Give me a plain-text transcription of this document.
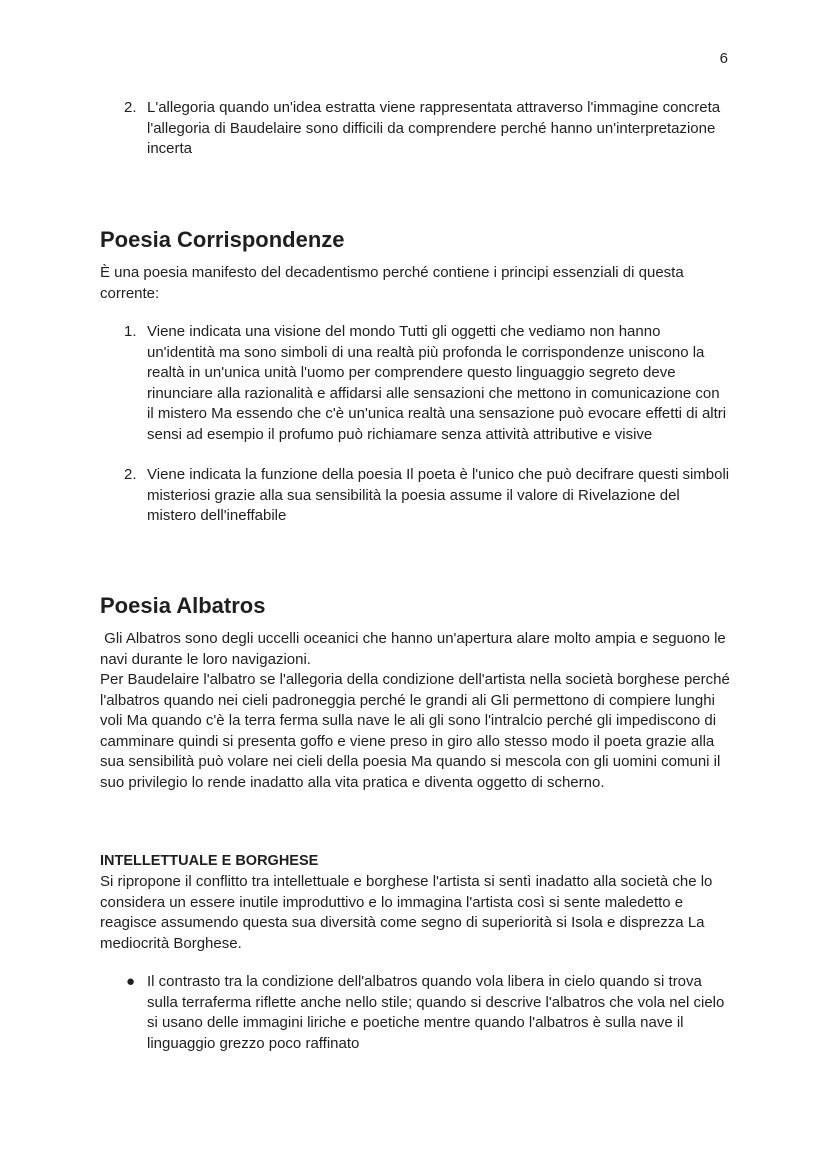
6
2. L'allegoria quando un'idea estratta viene rappresentata attraverso l'immagine concreta l'allegoria di Baudelaire sono difficili da comprendere perché hanno un'interpretazione incerta
Poesia Corrispondenze

È una poesia manifesto del decadentismo perché contiene i principi essenziali di questa corrente:

1. Viene indicata una visione del mondo Tutti gli oggetti che vediamo non hanno un'identità ma sono simboli di una realtà più profonda le corrispondenze uniscono la realtà in un'unica unità l'uomo per comprendere questo linguaggio segreto deve rinunciare alla razionalità e affidarsi alle sensazioni che mettono in comunicazione con il mistero Ma essendo che c'è un'unica realtà una sensazione può evocare effetti di altri sensi ad esempio il profumo può richiamare senza attività attributive e visive
2. Viene indicata la funzione della poesia Il poeta è l'unico che può decifrare questi simboli misteriosi grazie alla sua sensibilità la poesia assume il valore di Rivelazione del mistero dell'ineffabile
Poesia Albatros

Gli Albatros sono degli uccelli oceanici che hanno un'apertura alare molto ampia e seguono le navi durante le loro navigazioni.
Per Baudelaire l'albatro se l'allegoria della condizione dell'artista nella società borghese perché l'albatros quando nei cieli padroneggia perché le grandi ali Gli permettono di compiere lunghi voli Ma quando c'è la terra ferma sulla nave le ali gli sono l'intralcio perché gli impediscono di camminare quindi si presenta goffo e viene preso in giro allo stesso modo il poeta grazie alla sua sensibilità può volare nei cieli della poesia Ma quando si mescola con gli uomini comuni il suo privilegio lo rende inadatto alla vita pratica e diventa oggetto di scherno.

INTELLETTUALE E BORGHESE

Si ripropone il conflitto tra intellettuale e borghese l'artista si sentì inadatto alla società che lo considera un essere inutile improduttivo e lo immagina l'artista così si sente maledetto e reagisce assumendo questa sua diversità come segno di superiorità si Isola e disprezza La mediocrità Borghese.

● Il contrasto tra la condizione dell'albatros quando vola libera in cielo quando si trova sulla terraferma riflette anche nello stile; quando si descrive l'albatros che vola nel cielo si usano delle immagini liriche e poetiche mentre quando l'albatros è sulla nave il linguaggio grezzo poco raffinato
